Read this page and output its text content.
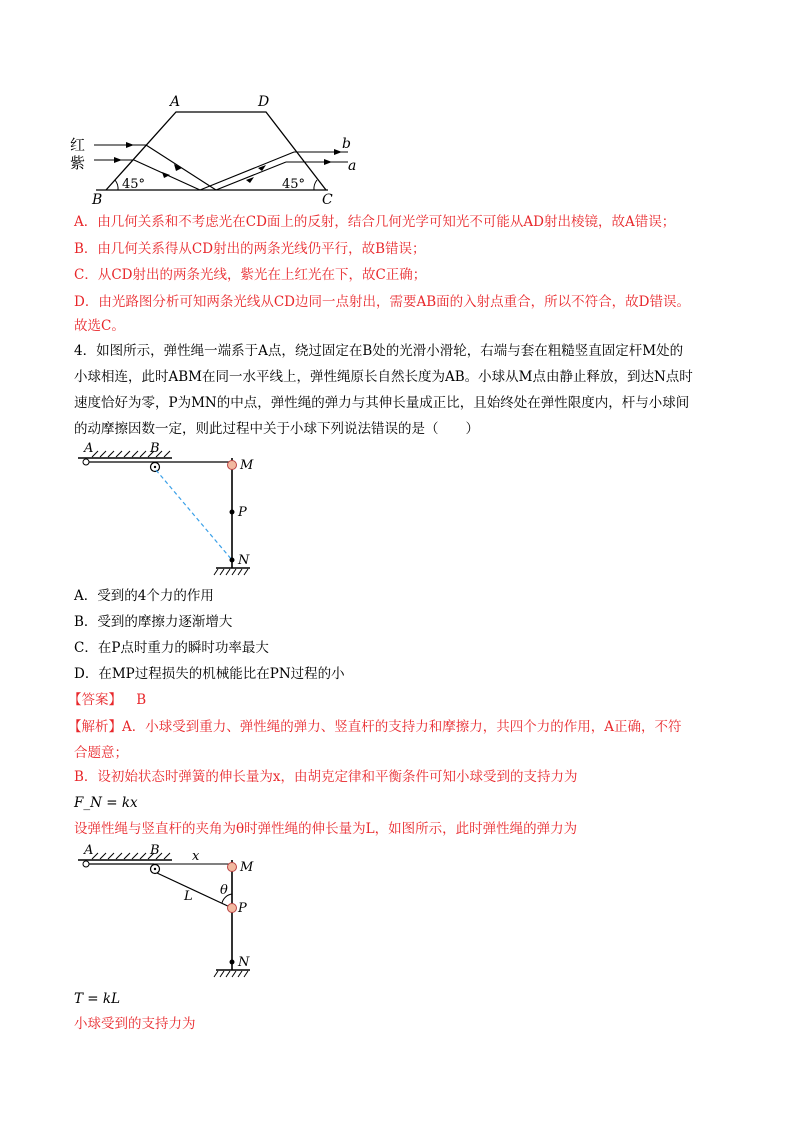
A	D
B	C
b
a
红
紫
45°	45°
A．由几何关系和不考虑光在CD面上的反射，结合几何光学可知光不可能从AD射出棱镜，故A错误；
B．由几何关系得从CD射出的两条光线仍平行，故B错误；
C．从CD射出的两条光线，紫光在上红光在下，故C正确；
D．由光路图分析可知两条光线从CD边同一点射出，需要AB面的入射点重合，所以不符合，故D错误。
故选C。
4．如图所示，弹性绳一端系于A点，绕过固定在B处的光滑小滑轮，右端与套在粗糙竖直固定杆M处的
小球相连，此时ABM在同一水平线上，弹性绳原长自然长度为AB。小球从M点由静止释放，到达N点时
速度恰好为零，P为MN的中点，弹性绳的弹力与其伸长量成正比，且始终处在弹性限度内，杆与小球间
的动摩擦因数一定，则此过程中关于小球下列说法错误的是（　　）
A	B
M
P
N
A．受到的4个力的作用
B．受到的摩擦力逐渐增大
C．在P点时重力的瞬时功率最大
D．在MP过程损失的机械能比在PN过程的小
【答案】 B
【解析】A．小球受到重力、弹性绳的弹力、竖直杆的支持力和摩擦力，共四个力的作用，A正确，不符
合题意；
B．设初始状态时弹簧的伸长量为x，由胡克定律和平衡条件可知小球受到的支持力为
F_N = kx
设弹性绳与竖直杆的夹角为θ时弹性绳的伸长量为L，如图所示，此时弹性绳的弹力为
A	B x
M
θ
L
P
N
T = kL
小球受到的支持力为
